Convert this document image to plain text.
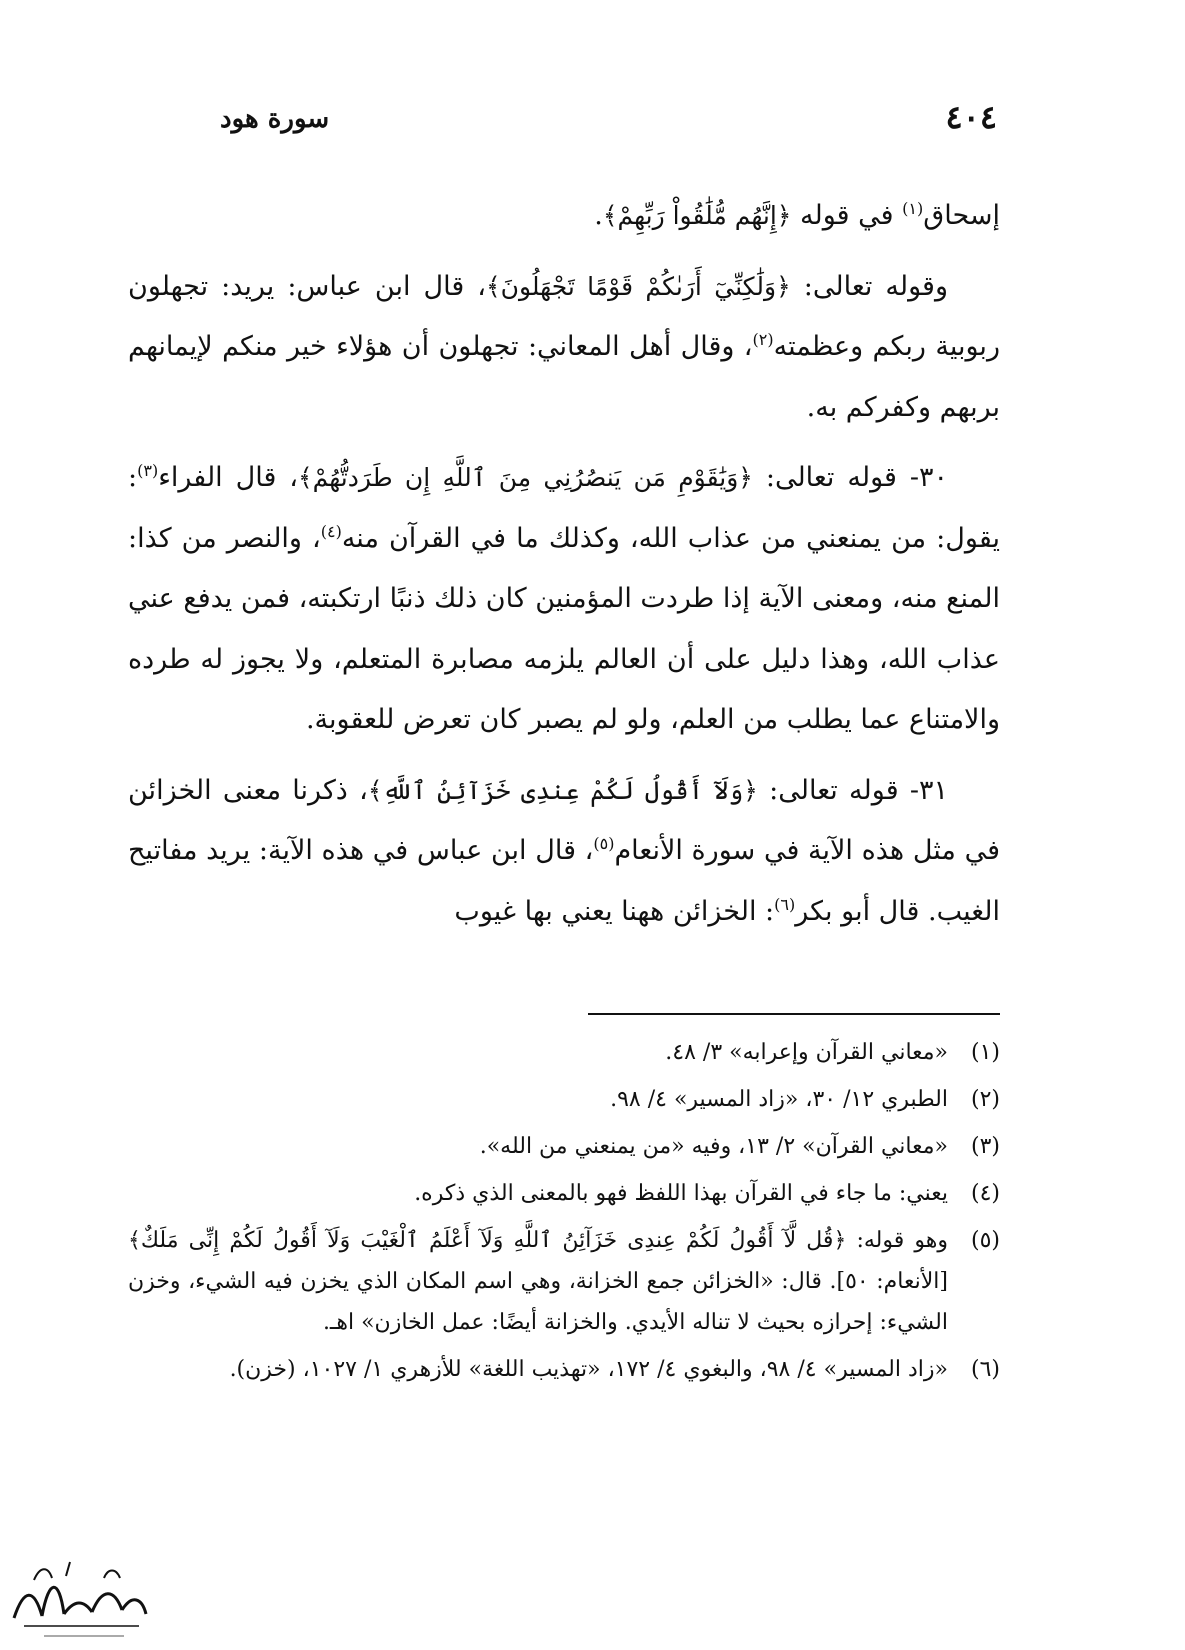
٤٠٤
سورة هود

إسحاق$^{(١)}$ في قوله ﴿إِنَّهُم مُّلَٰقُواْ رَبِّهِمْ﴾.

وقوله تعالى: ﴿وَلَٰكِنِّيٓ أَرَىٰكُمْ قَوْمًا تَجْهَلُونَ﴾، قال ابن عباس: يريد: تجهلون ربوبية ربكم وعظمته$^{(٢)}$، وقال أهل المعاني: تجهلون أن هؤلاء خير منكم لإيمانهم بربهم وكفركم به.

٣٠- قوله تعالى: ﴿وَيَٰقَوْمِ مَن يَنصُرُنِي مِنَ ٱللَّهِ إِن طَرَدتُّهُمْ﴾، قال الفراء$^{(٣)}$: يقول: من يمنعني من عذاب الله، وكذلك ما في القرآن منه$^{(٤)}$، والنصر من كذا: المنع منه، ومعنى الآية إذا طردت المؤمنين كان ذلك ذنبًا ارتكبته، فمن يدفع عني عذاب الله، وهذا دليل على أن العالم يلزمه مصابرة المتعلم، ولا يجوز له طرده والامتناع عما يطلب من العلم، ولو لم يصبر كان تعرض للعقوبة.

٣١- قوله تعالى: ﴿وَلَآ أَقُولُ لَكُمْ عِندِى خَزَآئِنُ ٱللَّهِ﴾، ذكرنا معنى الخزائن في مثل هذه الآية في سورة الأنعام$^{(٥)}$، قال ابن عباس في هذه الآية: يريد مفاتيح الغيب. قال أبو بكر$^{(٦)}$: الخزائن ههنا يعني بها غيوب

(١)
«معاني القرآن وإعرابه» ٣/ ٤٨.
(٢)
الطبري ١٢/ ٣٠، «زاد المسير» ٤/ ٩٨.
(٣)
«معاني القرآن» ٢/ ١٣، وفيه «من يمنعني من الله».
(٤)
يعني: ما جاء في القرآن بهذا اللفظ فهو بالمعنى الذي ذكره.
(٥)
وهو قوله: ﴿قُل لَّآ أَقُولُ لَكُمْ عِندِى خَزَآئِنُ ٱللَّهِ وَلَآ أَعْلَمُ ٱلْغَيْبَ وَلَآ أَقُولُ لَكُمْ إِنِّى مَلَكٌ﴾ [الأنعام: ٥٠]. قال: «الخزائن جمع الخزانة، وهي اسم المكان الذي يخزن فيه الشيء، وخزن الشيء: إحرازه بحيث لا تناله الأيدي. والخزانة أيضًا: عمل الخازن» اهـ.
(٦)
«زاد المسير» ٤/ ٩٨، والبغوي ٤/ ١٧٢، «تهذيب اللغة» للأزهري ١/ ١٠٢٧، (خزن).
